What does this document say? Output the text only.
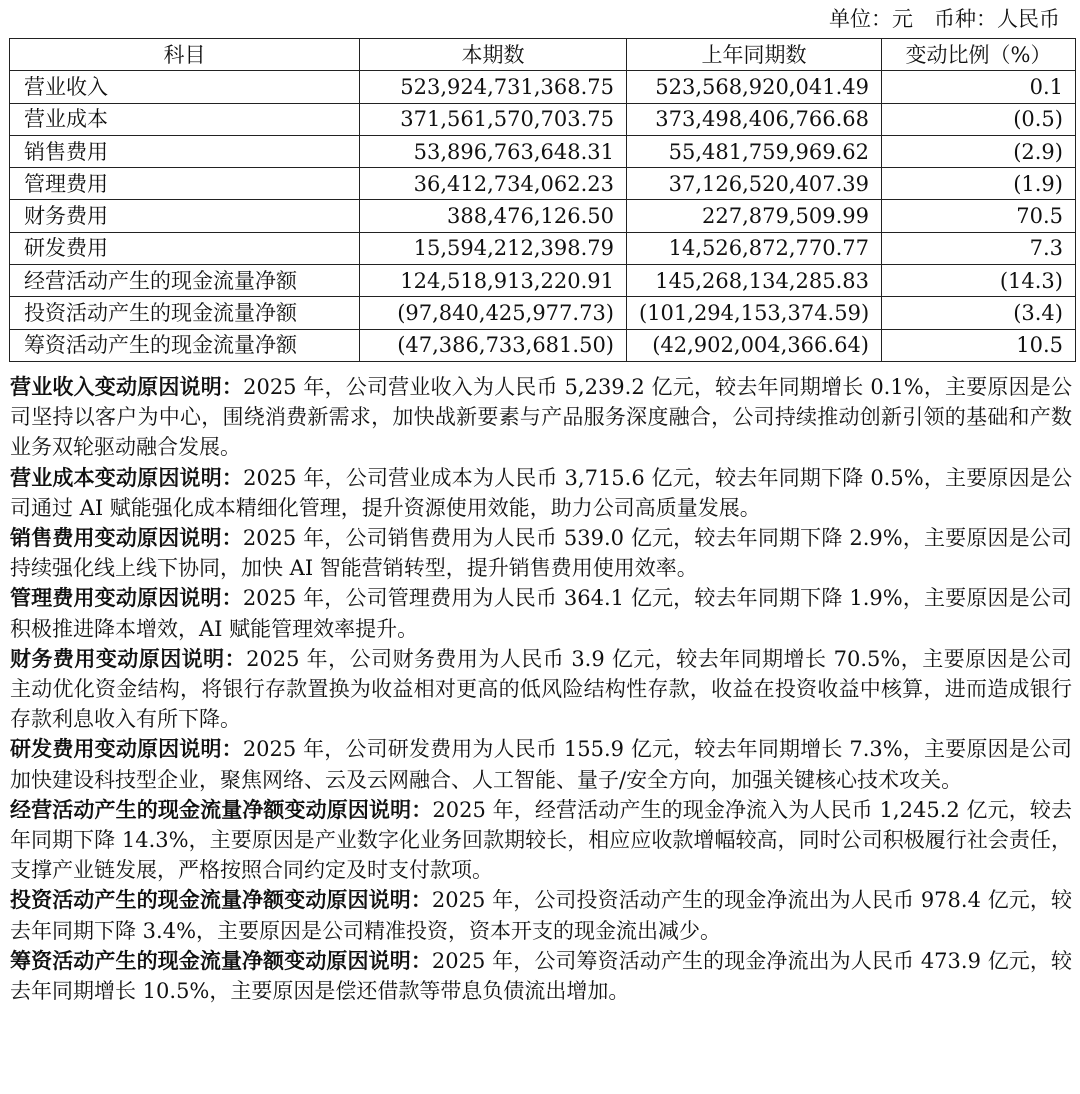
单位：元　币种：人民币
科目	本期数	上年同期数	变动比例（%）
营业收入	523,924,731,368.75	523,568,920,041.49	0.1
营业成本	371,561,570,703.75	373,498,406,766.68	(0.5)
销售费用	53,896,763,648.31	55,481,759,969.62	(2.9)
管理费用	36,412,734,062.23	37,126,520,407.39	(1.9)
财务费用	388,476,126.50	227,879,509.99	70.5
研发费用	15,594,212,398.79	14,526,872,770.77	7.3
经营活动产生的现金流量净额	124,518,913,220.91	145,268,134,285.83	(14.3)
投资活动产生的现金流量净额	(97,840,425,977.73)	(101,294,153,374.59)	(3.4)
筹资活动产生的现金流量净额	(47,386,733,681.50)	(42,902,004,366.64)	10.5

营业收入变动原因说明：2025 年，公司营业收入为人民币 5,239.2 亿元，较去年同期增长 0.1%，主要原因是公司坚持以客户为中心，围绕消费新需求，加快战新要素与产品服务深度融合，公司持续推动创新引领的基础和产数业务双轮驱动融合发展。

营业成本变动原因说明：2025 年，公司营业成本为人民币 3,715.6 亿元，较去年同期下降 0.5%，主要原因是公司通过 AI 赋能强化成本精细化管理，提升资源使用效能，助力公司高质量发展。

销售费用变动原因说明：2025 年，公司销售费用为人民币 539.0 亿元，较去年同期下降 2.9%，主要原因是公司持续强化线上线下协同，加快 AI 智能营销转型，提升销售费用使用效率。

管理费用变动原因说明：2025 年，公司管理费用为人民币 364.1 亿元，较去年同期下降 1.9%，主要原因是公司积极推进降本增效，AI 赋能管理效率提升。

财务费用变动原因说明：2025 年，公司财务费用为人民币 3.9 亿元，较去年同期增长 70.5%，主要原因是公司主动优化资金结构，将银行存款置换为收益相对更高的低风险结构性存款，收益在投资收益中核算，进而造成银行存款利息收入有所下降。

研发费用变动原因说明：2025 年，公司研发费用为人民币 155.9 亿元，较去年同期增长 7.3%，主要原因是公司加快建设科技型企业，聚焦网络、云及云网融合、人工智能、量子/安全方向，加强关键核心技术攻关。

经营活动产生的现金流量净额变动原因说明：2025 年，经营活动产生的现金净流入为人民币 1,245.2 亿元，较去年同期下降 14.3%，主要原因是产业数字化业务回款期较长，相应应收款增幅较高，同时公司积极履行社会责任，支撑产业链发展，严格按照合同约定及时支付款项。

投资活动产生的现金流量净额变动原因说明：2025 年，公司投资活动产生的现金净流出为人民币 978.4 亿元，较去年同期下降 3.4%，主要原因是公司精准投资，资本开支的现金流出减少。

筹资活动产生的现金流量净额变动原因说明：2025 年，公司筹资活动产生的现金净流出为人民币 473.9 亿元，较去年同期增长 10.5%，主要原因是偿还借款等带息负债流出增加。
